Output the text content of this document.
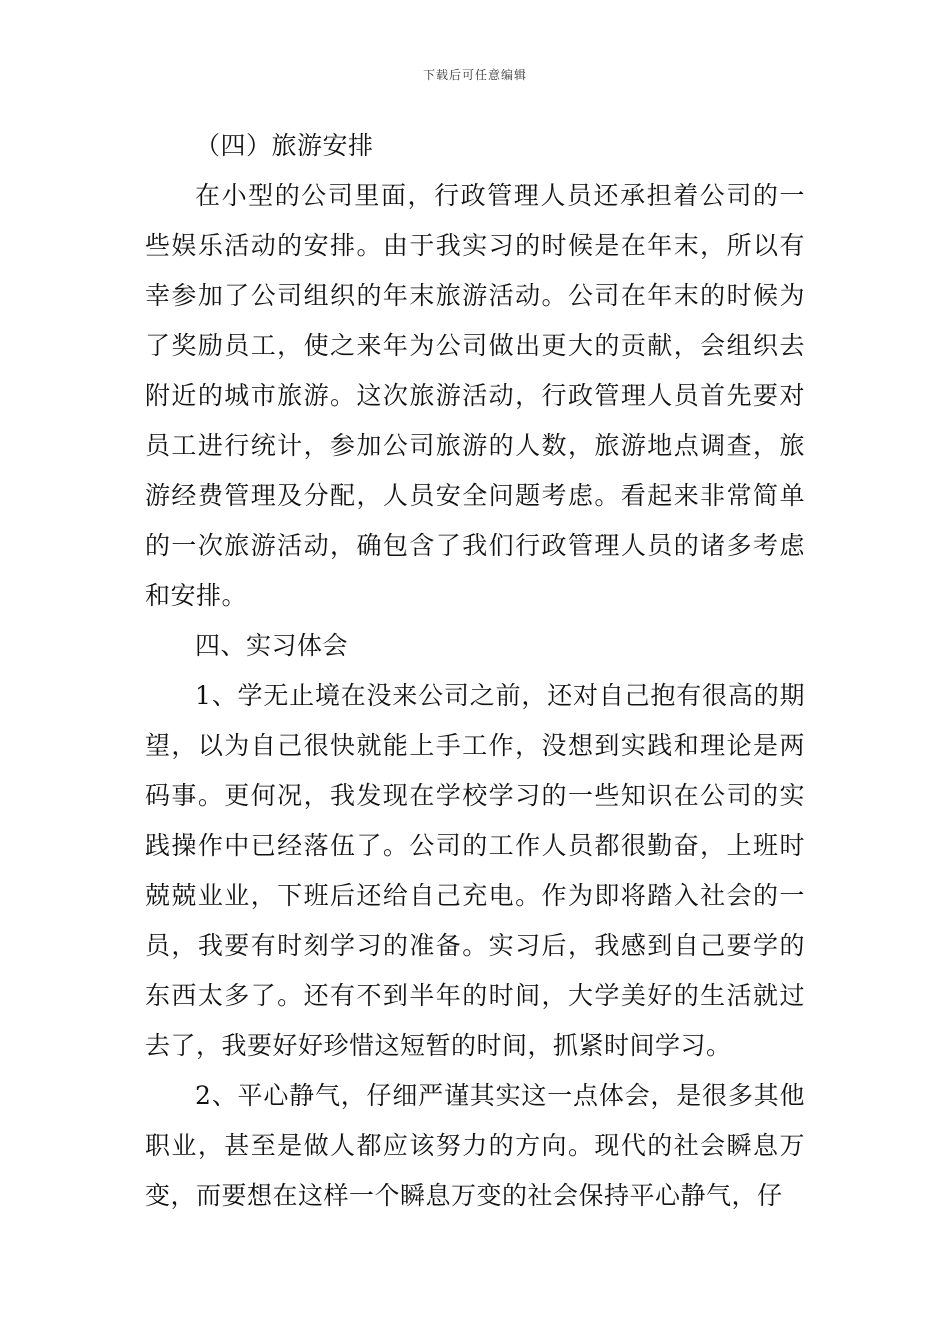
下载后可任意编辑

（四）旅游安排

在小型的公司里面，行政管理人员还承担着公司的一些娱乐活动的安排。由于我实习的时候是在年末，所以有幸参加了公司组织的年末旅游活动。公司在年末的时候为了奖励员工，使之来年为公司做出更大的贡献，会组织去附近的城市旅游。这次旅游活动，行政管理人员首先要对员工进行统计，参加公司旅游的人数，旅游地点调查，旅游经费管理及分配，人员安全问题考虑。看起来非常简单的一次旅游活动，确包含了我们行政管理人员的诸多考虑和安排。

四、实习体会

1、学无止境在没来公司之前，还对自己抱有很高的期望，以为自己很快就能上手工作，没想到实践和理论是两码事。更何况，我发现在学校学习的一些知识在公司的实践操作中已经落伍了。公司的工作人员都很勤奋，上班时兢兢业业，下班后还给自己充电。作为即将踏入社会的一员，我要有时刻学习的准备。实习后，我感到自己要学的东西太多了。还有不到半年的时间，大学美好的生活就过去了，我要好好珍惜这短暂的时间，抓紧时间学习。

2、平心静气，仔细严谨其实这一点体会，是很多其他职业，甚至是做人都应该努力的方向。现代的社会瞬息万变，而要想在这样一个瞬息万变的社会保持平心静气，仔
